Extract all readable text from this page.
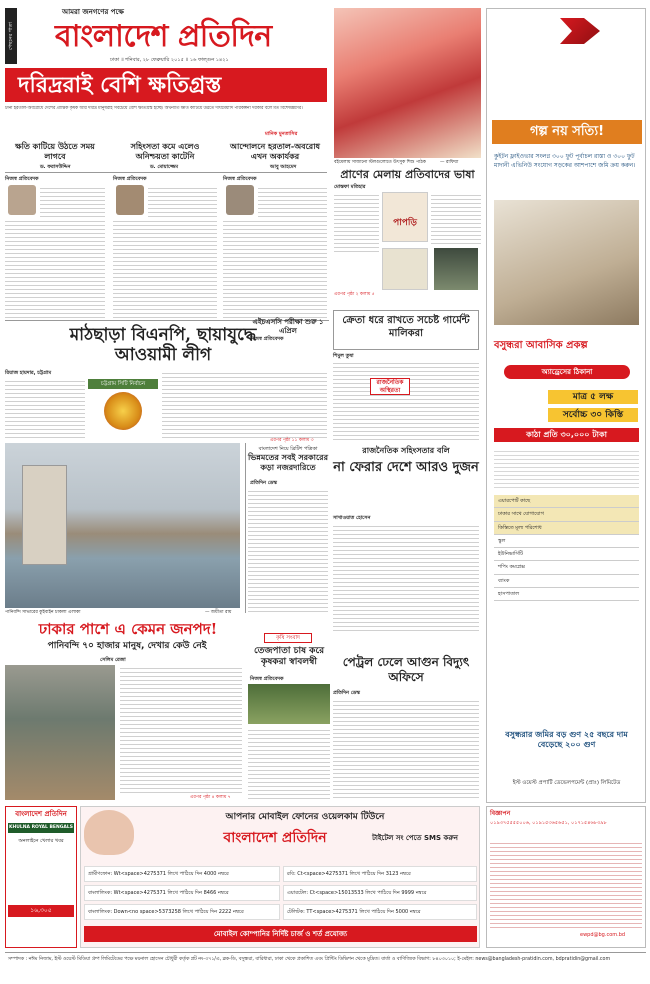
পেছনের পাতা
আমরা জনগণের পক্ষে
বাংলাদেশ প্রতিদিন
ঢাকা ॥ শনিবার, ২৮ ফেব্রুয়ারি ২০১৫ ॥ ১৬ ফাল্গুন ১৪২১
দরিদ্ররাই বেশি ক্ষতিগ্রস্ত
টানা হরতাল-অবরোধে দেশের প্রান্তিক কৃষক আর দরিদ্র মানুষরাই সবচেয়ে বেশি ক্ষতিগ্রস্ত হচ্ছে। অর্থনীতি ক্ষতি কাটিয়ে উঠতে দীর্ঘমেয়াদি পরিকল্পনা দরকার বলে মত বিশেষজ্ঞদের।
মানিক মুনতাসির
ক্ষতি কাটিয়ে উঠতে সময় লাগবে
সহিংসতা কমে এলেও অনিশ্চয়তা কাটেনি
আন্দোলনে হরতাল-অবরোধ এখন অকার্যকর
ড. ফরাসউদ্দিন	ড. মোয়াজ্জেম	আবু আহমেদ
নিজস্ব প্রতিবেদক	নিজস্ব প্রতিবেদক	নিজস্ব প্রতিবেদক
— রাফিয়া
বইমেলায় সাজানো স্টলগুলোতে উৎসুক শিশু পাঠক
প্রাণের মেলায় প্রতিবাদের ভাষা
মোস্তফা মতিহার
পাপড়ি
এরপর পৃষ্ঠা ২ কলাম ৫
মাঠছাড়া বিএনপি, ছায়াযুদ্ধে
আওয়ামী লীগ
রিয়াজ হায়দার, চট্টগ্রাম
চট্টগ্রাম সিটি নির্বাচন
এরপর পৃষ্ঠা ১১ কলাম ৩
এইচএসসি পরীক্ষা শুরু ১ এপ্রিল
নিজস্ব প্রতিবেদক
ক্রেতা ধরে রাখতে সচেষ্ট গার্মেন্ট মালিকরা
শিমুল তুষা
রাজনৈতিক অস্থিরতা
বাংলাদেশ নিয়ে ব্রিটিশ পত্রিকা
ভিন্নমতের সবই সরকারের কড়া নজরদারিতে
প্রতিদিন ডেস্ক
রাজনৈতিক সহিংসতার বলি
না ফেরার দেশে আরও দুজন
সাখাওয়াত হোসেন
— জয়ীতা রায়
পানিবন্দি সাভারের কুইবাইন চাকলা এলাকা
ঢাকার পাশে এ কেমন জনপদ!
পানিবন্দি ৭০ হাজার মানুষ, দেখার কেউ নেই
সেলিম রেজা
এরপর পৃষ্ঠা ৪ কলাম ৭
কৃষি সংবাদ
তেজপাতা চাষ করে কৃষকরা স্বাবলম্বী
নিজস্ব প্রতিবেদক
পেট্রল ঢেলে আগুন বিদ্যুৎ অফিসে
প্রতিদিন ডেস্ক
গল্প নয় সত্যি!
কুইটন ফ্লাইওভার সংলগ্ন ৩০০ ফুট পূর্বাচল রাস্তা ও ৩০০ ফুট মাদানী এভিনিউ সংযোগ সড়কের আশপাশে জমি ক্রয় করুন।
বসুন্ধরা আবাসিক প্রকল্প
অ্যাড্রেসের ঠিকানা
মাত্র ৫ লক্ষ
সর্বোচ্চ ৩০ কিস্তি
কাঠা প্রতি ৩০,০০০ টাকা
এয়ারপোর্ট কাছে
ঢাকার সাথে যোগাযোগ
কিস্তিতে মূল্য পরিশোধ
স্কুল
ইউনিভার্সিটি
শপিং কমপ্লেক্স
ব্যাংক
হাসপাতাল
বসুন্ধরার জমির বড় গুণ ২৫ বছরে দাম বেড়েছে ২০০ গুণ
ইস্ট ওয়েস্ট প্রপার্টি ডেভেলপমেন্ট (প্রাঃ) লিমিটেড
বাংলাদেশ প্রতিদিন
KHULNA ROYAL BENGALS
অনলাইনে খেলার খবর
১৬,৩০৫
আপনার মোবাইল ফোনের ওয়েলকাম টিউনে
বাংলাদেশ প্রতিদিন	টাইটেল সং পেতে SMS করুন
গ্রামীণফোন: Wt<space>4275371 লিখে পাঠিয়ে দিন 4000 নম্বরে	রবি: Ct<space>4275371 লিখে পাঠিয়ে দিন 3123 নম্বরে
বাংলালিংক: Wt<space>4275371 লিখে পাঠিয়ে দিন 8466 নম্বরে	এয়ারটেল: Ct<space>15013533 লিখে পাঠিয়ে দিন 9999 নম্বরে
বাংলালিংক: Down<no space>5373258 লিখে পাঠিয়ে দিন 2222 নম্বরে	টেলিটক: TT<space>4275371 লিখে পাঠিয়ে দিন 5000 নম্বরে
মোবাইল কোম্পানির নির্দিষ্ট চার্জ ও শর্ত প্রযোজ্য
বিজ্ঞাপন
০১৯৩৭৫৫৫৫০০৬, ০১৯১৫৩৬৫৬৫১, ০১৭১৫৪৬৮৩৯৮
ewpd@bg.com.bd
সম্পাদক : নঈম নিজাম, ইস্ট ওয়েস্ট মিডিয়া গ্রুপ লিমিটেডের পক্ষে ময়নাল হোসেন চৌধুরী কর্তৃক প্লট নং-৩৭১/এ, ব্লক-ডি, বসুন্ধরা, বারিধারা, ঢাকা থেকে প্রকাশিত এবং প্রিন্টিং ডিভিশন থেকে মুদ্রিত। বার্তা ও বাণিজ্যিক বিভাগ: ৮৪০৩০১০; ই-মেইল: news@bangladesh-pratidin.com, bdpratidin@gmail.com
